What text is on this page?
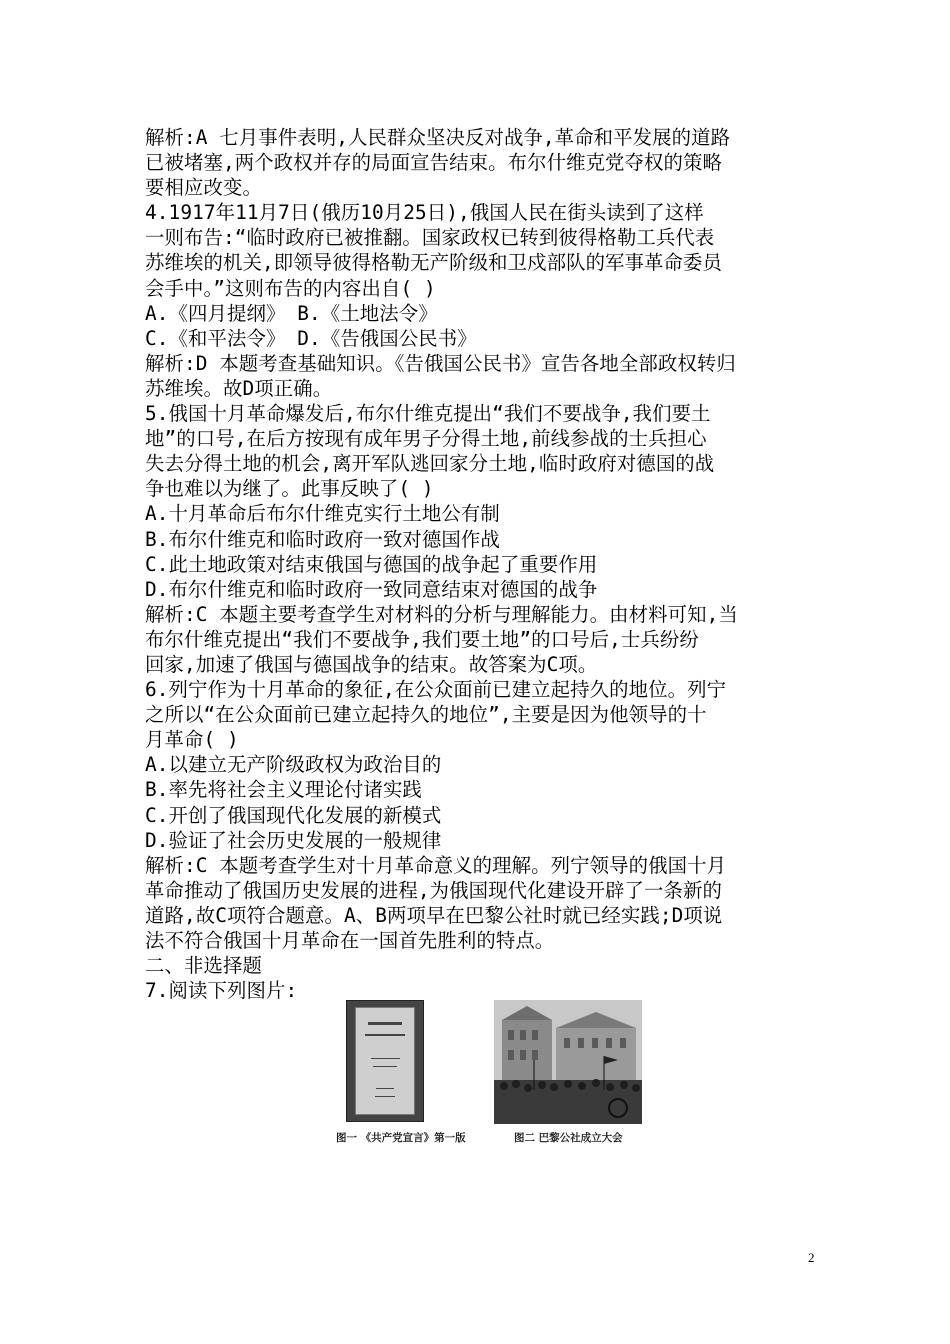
解析:A 七月事件表明,人民群众坚决反对战争,革命和平发展的道路
已被堵塞,两个政权并存的局面宣告结束。布尔什维克党夺权的策略
要相应改变。
4.1917年11月7日(俄历10月25日),俄国人民在街头读到了这样
一则布告:“临时政府已被推翻。国家政权已转到彼得格勒工兵代表
苏维埃的机关,即领导彼得格勒无产阶级和卫戍部队的军事革命委员
会手中。”这则布告的内容出自( )
A.《四月提纲》 B.《土地法令》
C.《和平法令》 D.《告俄国公民书》
解析:D 本题考查基础知识。《告俄国公民书》宣告各地全部政权转归
苏维埃。故D项正确。
5.俄国十月革命爆发后,布尔什维克提出“我们不要战争,我们要土
地”的口号,在后方按现有成年男子分得土地,前线参战的士兵担心
失去分得土地的机会,离开军队逃回家分土地,临时政府对德国的战
争也难以为继了。此事反映了( )
A.十月革命后布尔什维克实行土地公有制
B.布尔什维克和临时政府一致对德国作战
C.此土地政策对结束俄国与德国的战争起了重要作用
D.布尔什维克和临时政府一致同意结束对德国的战争
解析:C 本题主要考查学生对材料的分析与理解能力。由材料可知,当
布尔什维克提出“我们不要战争,我们要土地”的口号后,士兵纷纷
回家,加速了俄国与德国战争的结束。故答案为C项。
6.列宁作为十月革命的象征,在公众面前已建立起持久的地位。列宁
之所以“在公众面前已建立起持久的地位”,主要是因为他领导的十
月革命( )
A.以建立无产阶级政权为政治目的
B.率先将社会主义理论付诸实践
C.开创了俄国现代化发展的新模式
D.验证了社会历史发展的一般规律
解析:C 本题考查学生对十月革命意义的理解。列宁领导的俄国十月
革命推动了俄国历史发展的进程,为俄国现代化建设开辟了一条新的
道路,故C项符合题意。A、B两项早在巴黎公社时就已经实践;D项说
法不符合俄国十月革命在一国首先胜利的特点。
二、非选择题
7.阅读下列图片:
图一 《共产党宣言》第一版	图二 巴黎公社成立大会
2
